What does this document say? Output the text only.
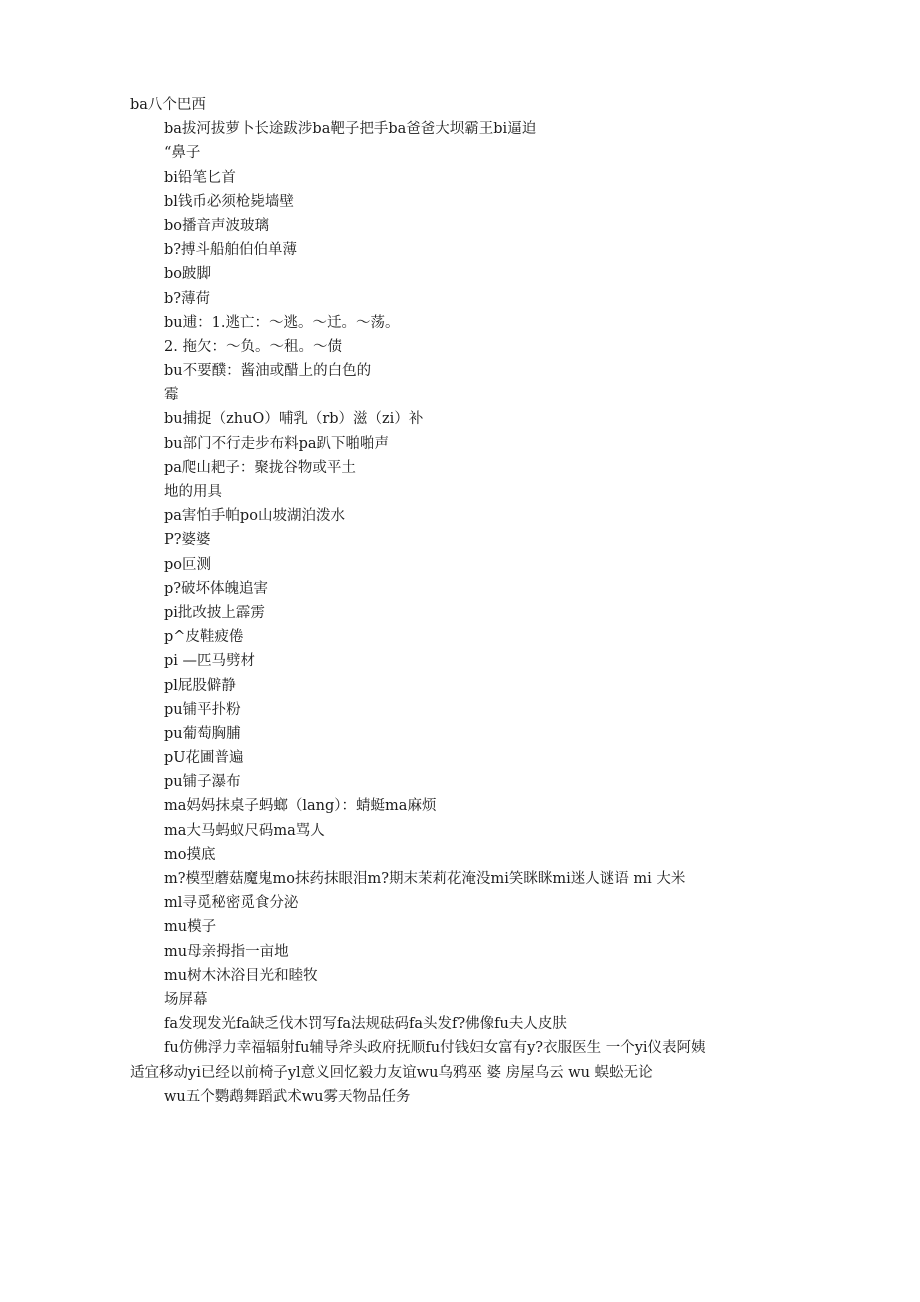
ba八个巴西
ba拔河拔萝卜长途跋涉ba靶子把手ba爸爸大坝霸王bi逼迫
“鼻子
bi铅笔匕首
bl钱币必须枪毙墙壁
bo播音声波玻璃
b?搏斗船舶伯伯单薄
bo跛脚
b?薄荷
bu逋：1.逃亡：〜逃。〜迁。〜荡。
2. 拖欠：〜负。〜租。〜债
bu不要醭：酱油或醋上的白色的
霉
bu捕捉（zhuO）哺乳（rb）滋（zi）补
bu部门不行走步布料pa趴下啪啪声
pa爬山耙子：聚拢谷物或平土
地的用具
pa害怕手帕po山坡湖泊泼水
P?婆婆
po叵测
p?破坏体魄追害
pi批改披上霹雳
p^皮鞋疲倦
pi —匹马劈材
pl屁股僻静
pu铺平扑粉
pu葡萄胸脯
pU花圃普遍
pu铺子瀑布
ma妈妈抹桌子蚂螂（lang）：蜻蜓ma麻烦
ma大马蚂蚁尺码ma骂人
mo摸底
m?模型蘑菇魔鬼mo抹药抹眼泪m?期末茉莉花淹没mi笑眯眯mi迷人谜语 mi 大米
ml寻觅秘密觅食分泌
mu模子
mu母亲拇指一亩地
mu树木沐浴目光和睦牧
场屏幕
fa发现发光fa缺乏伐木罚写fa法规砝码fa头发f?佛像fu夫人皮肤
fu仿佛浮力幸福辐射fu辅导斧头政府抚顺fu付钱妇女富有y?衣服医生 一个yi仪表阿姨
适宜移动yi已经以前椅子yl意义回忆毅力友谊wu乌鸦巫 婆 房屋乌云 wu 蜈蚣无论
wu五个鹦鹉舞蹈武术wu雾天物品任务
